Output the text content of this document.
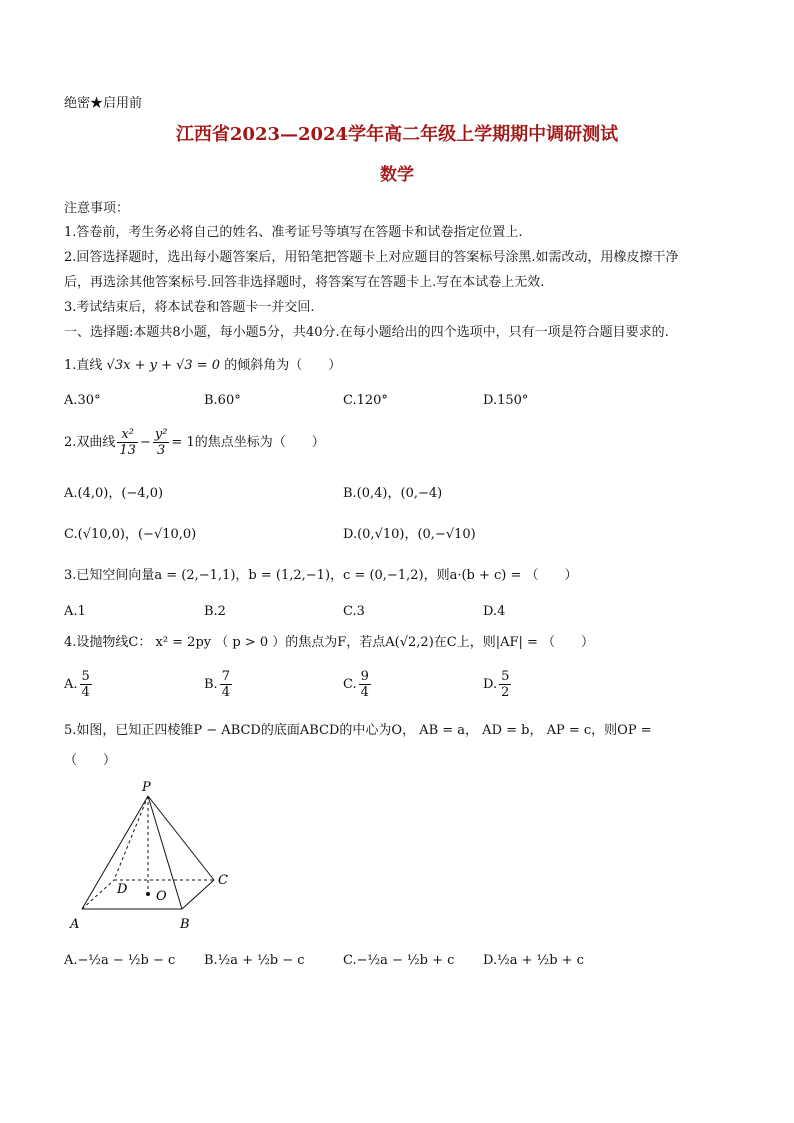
绝密★启用前
江西省2023—2024学年高二年级上学期期中调研测试
数学
注意事项：
1.答卷前，考生务必将自己的姓名、准考证号等填写在答题卡和试卷指定位置上.
2.回答选择题时，选出每小题答案后，用铅笔把答题卡上对应题目的答案标号涂黑.如需改动，用橡皮擦干净
后，再选涂其他答案标号.回答非选择题时，将答案写在答题卡上.写在本试卷上无效.
3.考试结束后，将本试卷和答题卡一并交回.
一、选择题:本题共8小题，每小题5分，共40分.在每小题给出的四个选项中，只有一项是符合题目要求的.
1.直线 √3x + y + √3 = 0 的倾斜角为（　　）
A.30°	B.60°	C.120°	D.150°
2.双曲线 $\frac{\text{x²}}{13} - \frac{\text{y²}}{3} = 1$的焦点坐标为（　　）
A.(4,0)，(−4,0)	B.(0,4)，(0,−4)
C.(√10,0)，(−√10,0)	D.(0,√10)，(0,−√10)
3.已知空间向量a = (2,−1,1)，b = (1,2,−1)，c = (0,−1,2)，则a·(b + c) = （　　）
A.1	B.2	C.3	D.4
4.设抛物线C： x² = 2py （ p > 0 ）的焦点为F，若点A(√2,2)在C上，则|AF| = （　　）
A. $\frac{5}{4}$	B. $\frac{7}{4}$	C. $\frac{9}{4}$	D. $\frac{5}{2}$
5.如图，已知正四棱锥P − ABCD的底面ABCD的中心为O， AB = a， AD = b， AP = c，则OP =
（　　）
P
A	B
C
D O
A.−½a − ½b − c B.½a + ½b − c	C.−½a − ½b + c D.½a + ½b + c
